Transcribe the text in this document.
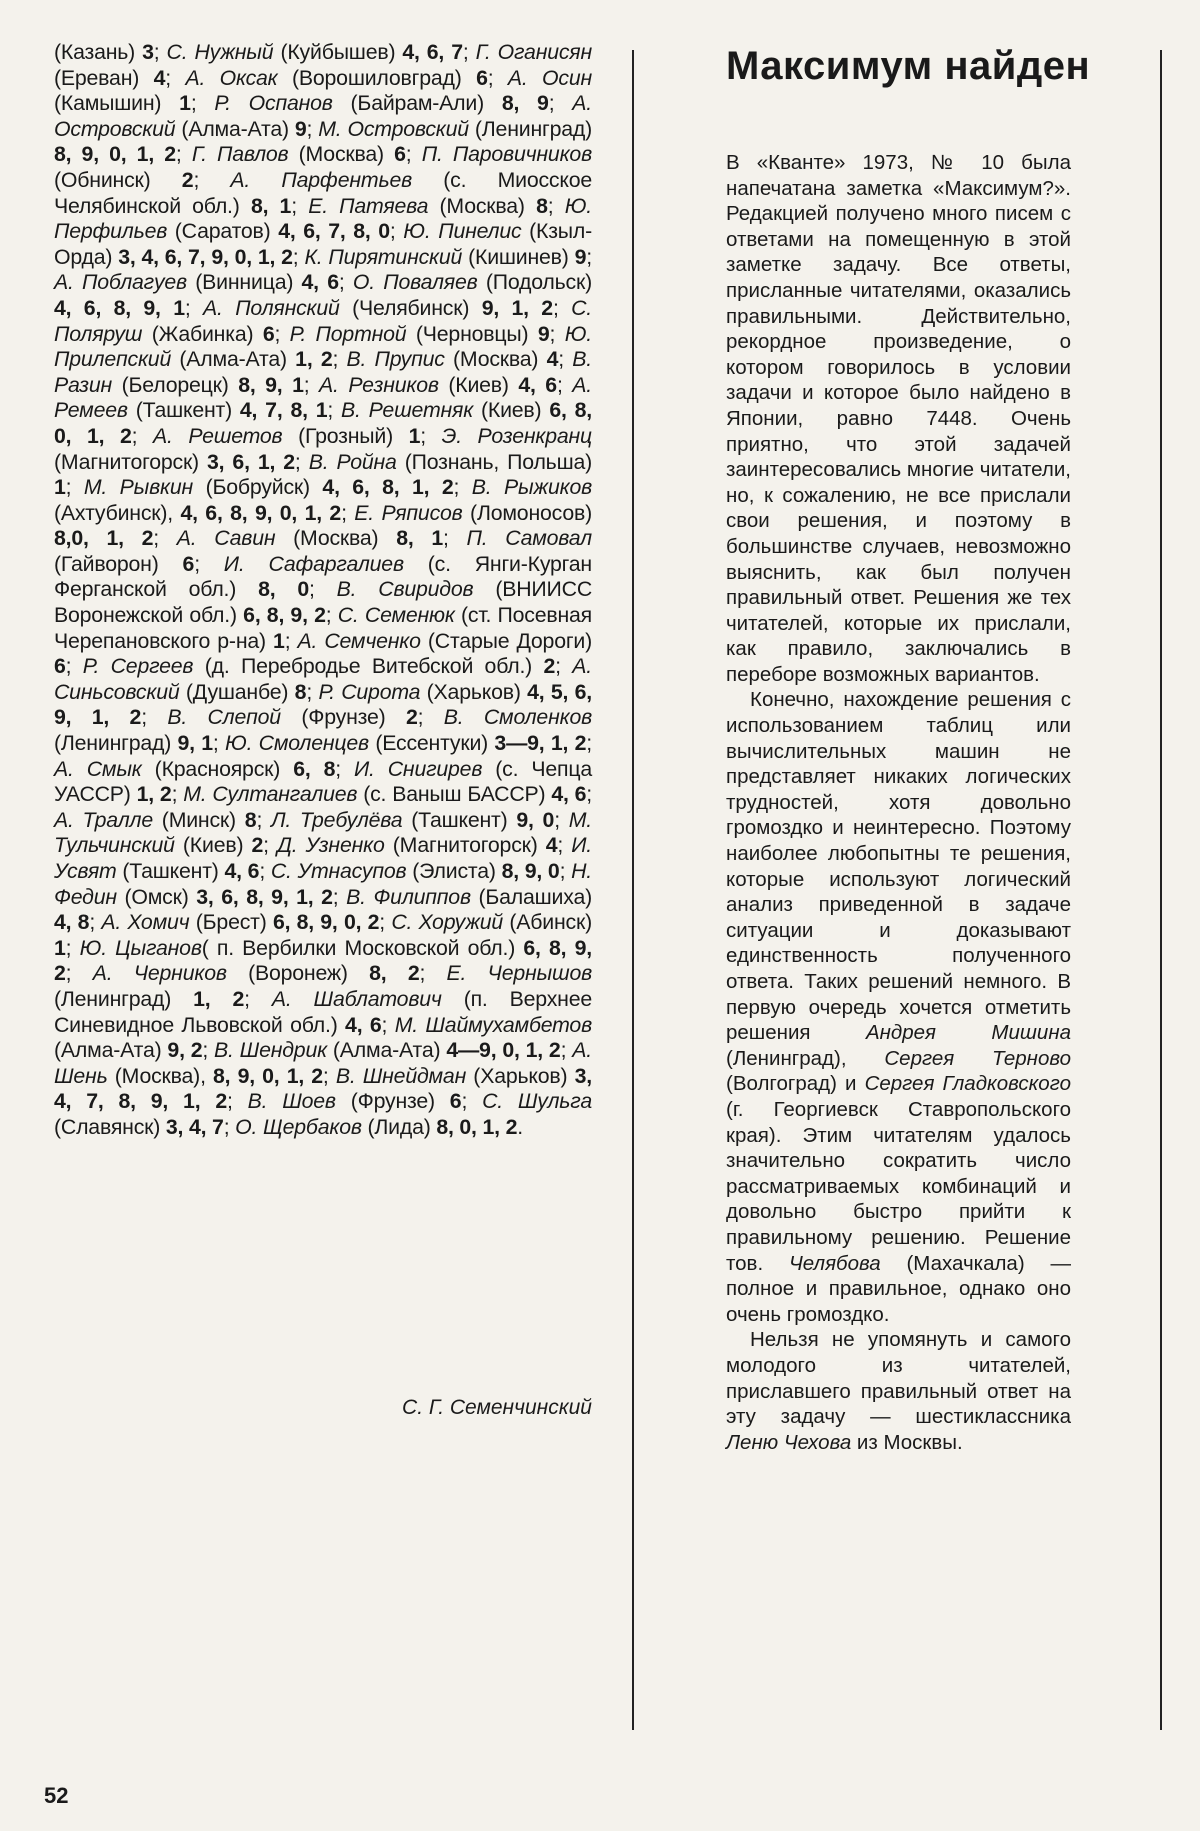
(Казань) 3; С. Нужный (Куйбышев) 4, 6, 7; Г. Оганисян (Ереван) 4; А. Оксак (Ворошиловград) 6; А. Осин (Камышин) 1; Р. Оспанов (Байрам-Али) 8, 9; А. Островский (Алма-Ата) 9; М. Островский (Ленинград) 8, 9, 0, 1, 2; Г. Павлов (Москва) 6; П. Паровичников (Обнинск) 2; А. Парфентьев (с. Миосское Челябинской обл.) 8, 1; Е. Патяева (Москва) 8; Ю. Перфильев (Саратов) 4, 6, 7, 8, 0; Ю. Пинелис (Кзыл-Орда) 3, 4, 6, 7, 9, 0, 1, 2; К. Пирятинский (Кишинев) 9; А. Поблагуев (Винница) 4, 6; О. Поваляев (Подольск) 4, 6, 8, 9, 1; А. Полянский (Челябинск) 9, 1, 2; С. Поляруш (Жабинка) 6; Р. Портной (Черновцы) 9; Ю. Прилепский (Алма-Ата) 1, 2; В. Прупис (Москва) 4; В. Разин (Белорецк) 8, 9, 1; А. Резников (Киев) 4, 6; А. Ремеев (Ташкент) 4, 7, 8, 1; В. Решетняк (Киев) 6, 8, 0, 1, 2; А. Решетов (Грозный) 1; Э. Розенкранц (Магнитогорск) 3, 6, 1, 2; В. Ройна (Познань, Польша) 1; М. Рывкин (Бобруйск) 4, 6, 8, 1, 2; В. Рыжиков (Ахтубинск), 4, 6, 8, 9, 0, 1, 2; Е. Ряписов (Ломоносов) 8,0, 1, 2; А. Савин (Москва) 8, 1; П. Самовал (Гайворон) 6; И. Сафаргалиев (с. Янги-Курган Ферганской обл.) 8, 0; В. Свиридов (ВНИИСС Воронежской обл.) 6, 8, 9, 2; С. Семенюк (ст. Посевная Черепановского р-на) 1; А. Семченко (Старые Дороги) 6; Р. Сергеев (д. Перебродье Витебской обл.) 2; А. Синьсовский (Душанбе) 8; Р. Сирота (Харьков) 4, 5, 6, 9, 1, 2; В. Слепой (Фрунзе) 2; В. Смоленков (Ленинград) 9, 1; Ю. Смоленцев (Ессентуки) 3—9, 1, 2; А. Смык (Красноярск) 6, 8; И. Снигирев (с. Чепца УАССР) 1, 2; М. Султангалиев (с. Ваныш БАССР) 4, 6; А. Тралле (Минск) 8; Л. Требулёва (Ташкент) 9, 0; М. Тульчинский (Киев) 2; Д. Узненко (Магнитогорск) 4; И. Усвят (Ташкент) 4, 6; С. Утнасупов (Элиста) 8, 9, 0; Н. Федин (Омск) 3, 6, 8, 9, 1, 2; В. Филиппов (Балашиха) 4, 8; А. Хомич (Брест) 6, 8, 9, 0, 2; С. Хоружий (Абинск) 1; Ю. Цыганов( п. Вербилки Московской обл.) 6, 8, 9, 2; А. Черников (Воронеж) 8, 2; Е. Чернышов (Ленинград) 1, 2; А. Шаблатович (п. Верхнее Синевидное Львовской обл.) 4, 6; М. Шаймухамбетов (Алма-Ата) 9, 2; В. Шендрик (Алма-Ата) 4—9, 0, 1, 2; А. Шень (Москва), 8, 9, 0, 1, 2; В. Шнейдман (Харьков) 3, 4, 7, 8, 9, 1, 2; В. Шоев (Фрунзе) 6; С. Шульга (Славянск) 3, 4, 7; О. Щербаков (Лида) 8, 0, 1, 2.

С. Г. Семенчинский
Максимум найден

В «Кванте» 1973, № 10 была напечатана заметка «Максимум?». Редакцией получено много писем с ответами на помещенную в этой заметке задачу. Все ответы, присланные читателями, оказались правильными. Действительно, рекордное произведение, о котором говорилось в условии задачи и которое было найдено в Японии, равно 7448. Очень приятно, что этой задачей заинтересовались многие читатели, но, к сожалению, не все прислали свои решения, и поэтому в большинстве случаев, невозможно выяснить, как был получен правильный ответ. Решения же тех читателей, которые их прислали, как правило, заключались в переборе возможных вариантов.

Конечно, нахождение решения с использованием таблиц или вычислительных машин не представляет никаких логических трудностей, хотя довольно громоздко и неинтересно. Поэтому наиболее любопытны те решения, которые используют логический анализ приведенной в задаче ситуации и доказывают единственность полученного ответа. Таких решений немного. В первую очередь хочется отметить решения Андрея Мишина (Ленинград), Сергея Терново (Волгоград) и Сергея Гладковского (г. Георгиевск Ставропольского края). Этим читателям удалось значительно сократить число рассматриваемых комбинаций и довольно быстро прийти к правильному решению. Решение тов. Челябова (Махачкала) — полное и правильное, однако оно очень громоздко.

Нельзя не упомянуть и самого молодого из читателей, приславшего правильный ответ на эту задачу — шестиклассника Леню Чехова из Москвы.

52
